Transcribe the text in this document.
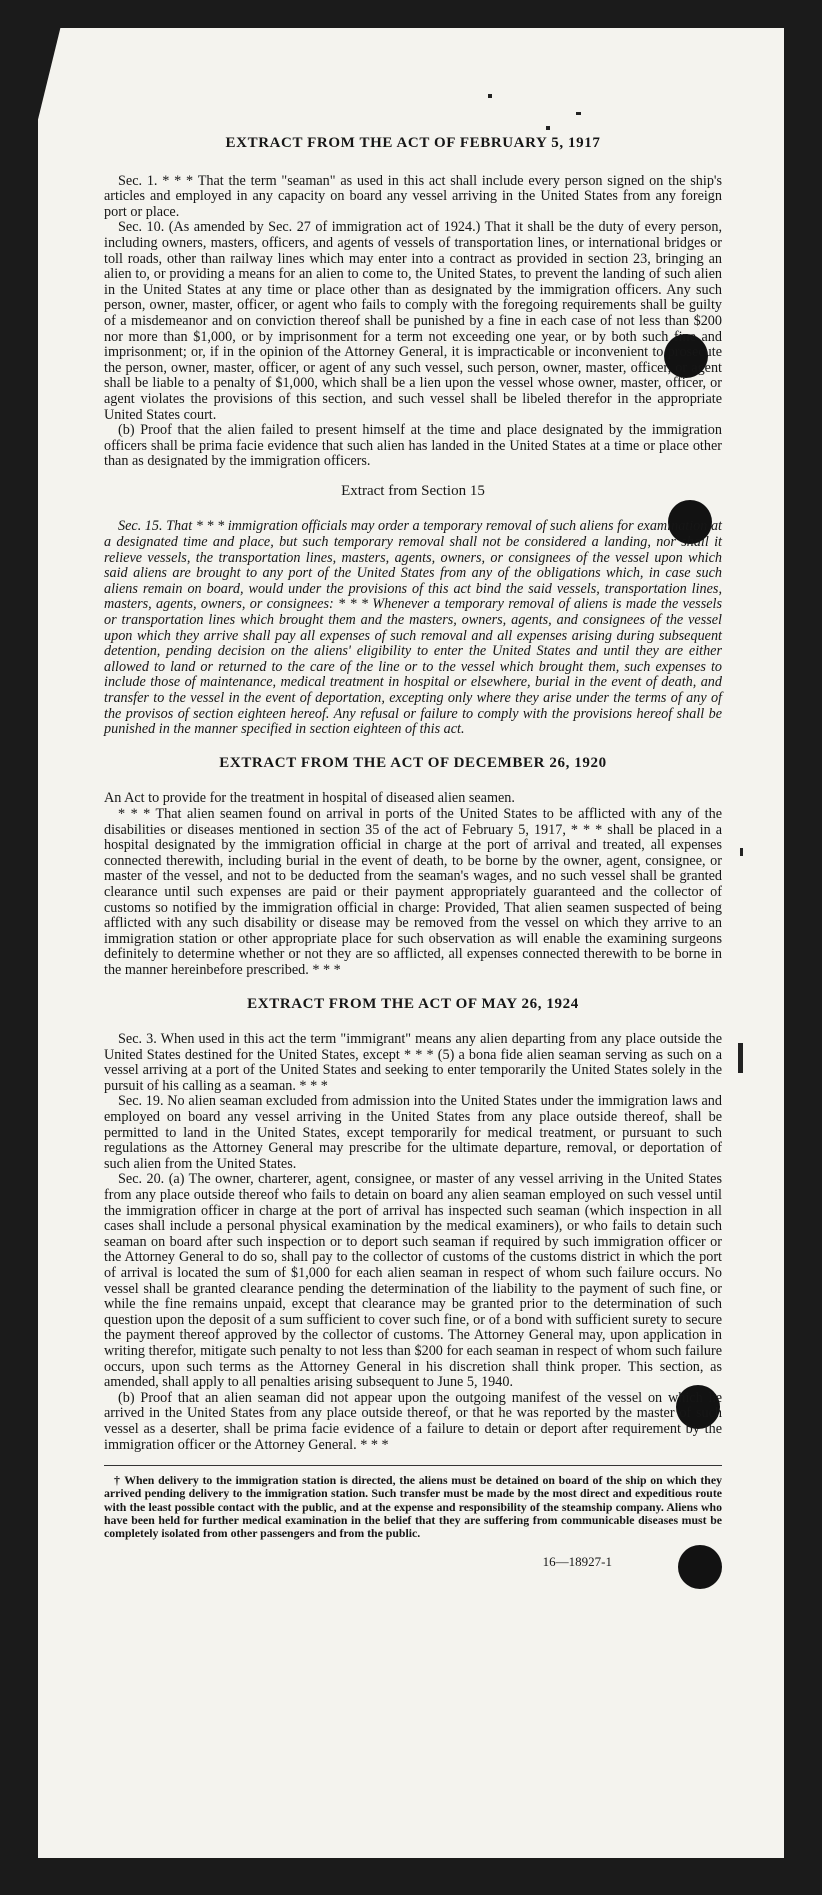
EXTRACT FROM THE ACT OF FEBRUARY 5, 1917

Sec. 1. * * * That the term "seaman" as used in this act shall include every person signed on the ship's articles and employed in any capacity on board any vessel arriving in the United States from any foreign port or place.

Sec. 10. (As amended by Sec. 27 of immigration act of 1924.) That it shall be the duty of every person, including owners, masters, officers, and agents of vessels of transportation lines, or international bridges or toll roads, other than railway lines which may enter into a contract as provided in section 23, bringing an alien to, or providing a means for an alien to come to, the United States, to prevent the landing of such alien in the United States at any time or place other than as designated by the immigration officers. Any such person, owner, master, officer, or agent who fails to comply with the foregoing requirements shall be guilty of a misdemeanor and on conviction thereof shall be punished by a fine in each case of not less than $200 nor more than $1,000, or by imprisonment for a term not exceeding one year, or by both such fine and imprisonment; or, if in the opinion of the Attorney General, it is impracticable or inconvenient to prosecute the person, owner, master, officer, or agent of any such vessel, such person, owner, master, officer, or agent shall be liable to a penalty of $1,000, which shall be a lien upon the vessel whose owner, master, officer, or agent violates the provisions of this section, and such vessel shall be libeled therefor in the appropriate United States court.

(b) Proof that the alien failed to present himself at the time and place designated by the immigration officers shall be prima facie evidence that such alien has landed in the United States at a time or place other than as designated by the immigration officers.

Extract from Section 15

Sec. 15. That * * * immigration officials may order a temporary removal of such aliens for examination at a designated time and place, but such temporary removal shall not be considered a landing, nor shall it relieve vessels, the transportation lines, masters, agents, owners, or consignees of the vessel upon which said aliens are brought to any port of the United States from any of the obligations which, in case such aliens remain on board, would under the provisions of this act bind the said vessels, transportation lines, masters, agents, owners, or consignees: * * * Whenever a temporary removal of aliens is made the vessels or transportation lines which brought them and the masters, owners, agents, and consignees of the vessel upon which they arrive shall pay all expenses of such removal and all expenses arising during subsequent detention, pending decision on the aliens' eligibility to enter the United States and until they are either allowed to land or returned to the care of the line or to the vessel which brought them, such expenses to include those of maintenance, medical treatment in hospital or elsewhere, burial in the event of death, and transfer to the vessel in the event of deportation, excepting only where they arise under the terms of any of the provisos of section eighteen hereof. Any refusal or failure to comply with the provisions hereof shall be punished in the manner specified in section eighteen of this act.

EXTRACT FROM THE ACT OF DECEMBER 26, 1920

An Act to provide for the treatment in hospital of diseased alien seamen.

* * * That alien seamen found on arrival in ports of the United States to be afflicted with any of the disabilities or diseases mentioned in section 35 of the act of February 5, 1917, * * * shall be placed in a hospital designated by the immigration official in charge at the port of arrival and treated, all expenses connected therewith, including burial in the event of death, to be borne by the owner, agent, consignee, or master of the vessel, and not to be deducted from the seaman's wages, and no such vessel shall be granted clearance until such expenses are paid or their payment appropriately guaranteed and the collector of customs so notified by the immigration official in charge: Provided, That alien seamen suspected of being afflicted with any such disability or disease may be removed from the vessel on which they arrive to an immigration station or other appropriate place for such observation as will enable the examining surgeons definitely to determine whether or not they are so afflicted, all expenses connected therewith to be borne in the manner hereinbefore prescribed. * * *

EXTRACT FROM THE ACT OF MAY 26, 1924

Sec. 3. When used in this act the term "immigrant" means any alien departing from any place outside the United States destined for the United States, except * * * (5) a bona fide alien seaman serving as such on a vessel arriving at a port of the United States and seeking to enter temporarily the United States solely in the pursuit of his calling as a seaman. * * *

Sec. 19. No alien seaman excluded from admission into the United States under the immigration laws and employed on board any vessel arriving in the United States from any place outside thereof, shall be permitted to land in the United States, except temporarily for medical treatment, or pursuant to such regulations as the Attorney General may prescribe for the ultimate departure, removal, or deportation of such alien from the United States.

Sec. 20. (a) The owner, charterer, agent, consignee, or master of any vessel arriving in the United States from any place outside thereof who fails to detain on board any alien seaman employed on such vessel until the immigration officer in charge at the port of arrival has inspected such seaman (which inspection in all cases shall include a personal physical examination by the medical examiners), or who fails to detain such seaman on board after such inspection or to deport such seaman if required by such immigration officer or the Attorney General to do so, shall pay to the collector of customs of the customs district in which the port of arrival is located the sum of $1,000 for each alien seaman in respect of whom such failure occurs. No vessel shall be granted clearance pending the determination of the liability to the payment of such fine, or while the fine remains unpaid, except that clearance may be granted prior to the determination of such question upon the deposit of a sum sufficient to cover such fine, or of a bond with sufficient surety to secure the payment thereof approved by the collector of customs. The Attorney General may, upon application in writing therefor, mitigate such penalty to not less than $200 for each seaman in respect of whom such failure occurs, upon such terms as the Attorney General in his discretion shall think proper. This section, as amended, shall apply to all penalties arising subsequent to June 5, 1940.

(b) Proof that an alien seaman did not appear upon the outgoing manifest of the vessel on which he arrived in the United States from any place outside thereof, or that he was reported by the master of such vessel as a deserter, shall be prima facie evidence of a failure to detain or deport after requirement by the immigration officer or the Attorney General. * * *

† When delivery to the immigration station is directed, the aliens must be detained on board of the ship on which they arrived pending delivery to the immigration station. Such transfer must be made by the most direct and expeditious route with the least possible contact with the public, and at the expense and responsibility of the steamship company. Aliens who have been held for further medical examination in the belief that they are suffering from communicable diseases must be completely isolated from other passengers and from the public.

16—18927-1
